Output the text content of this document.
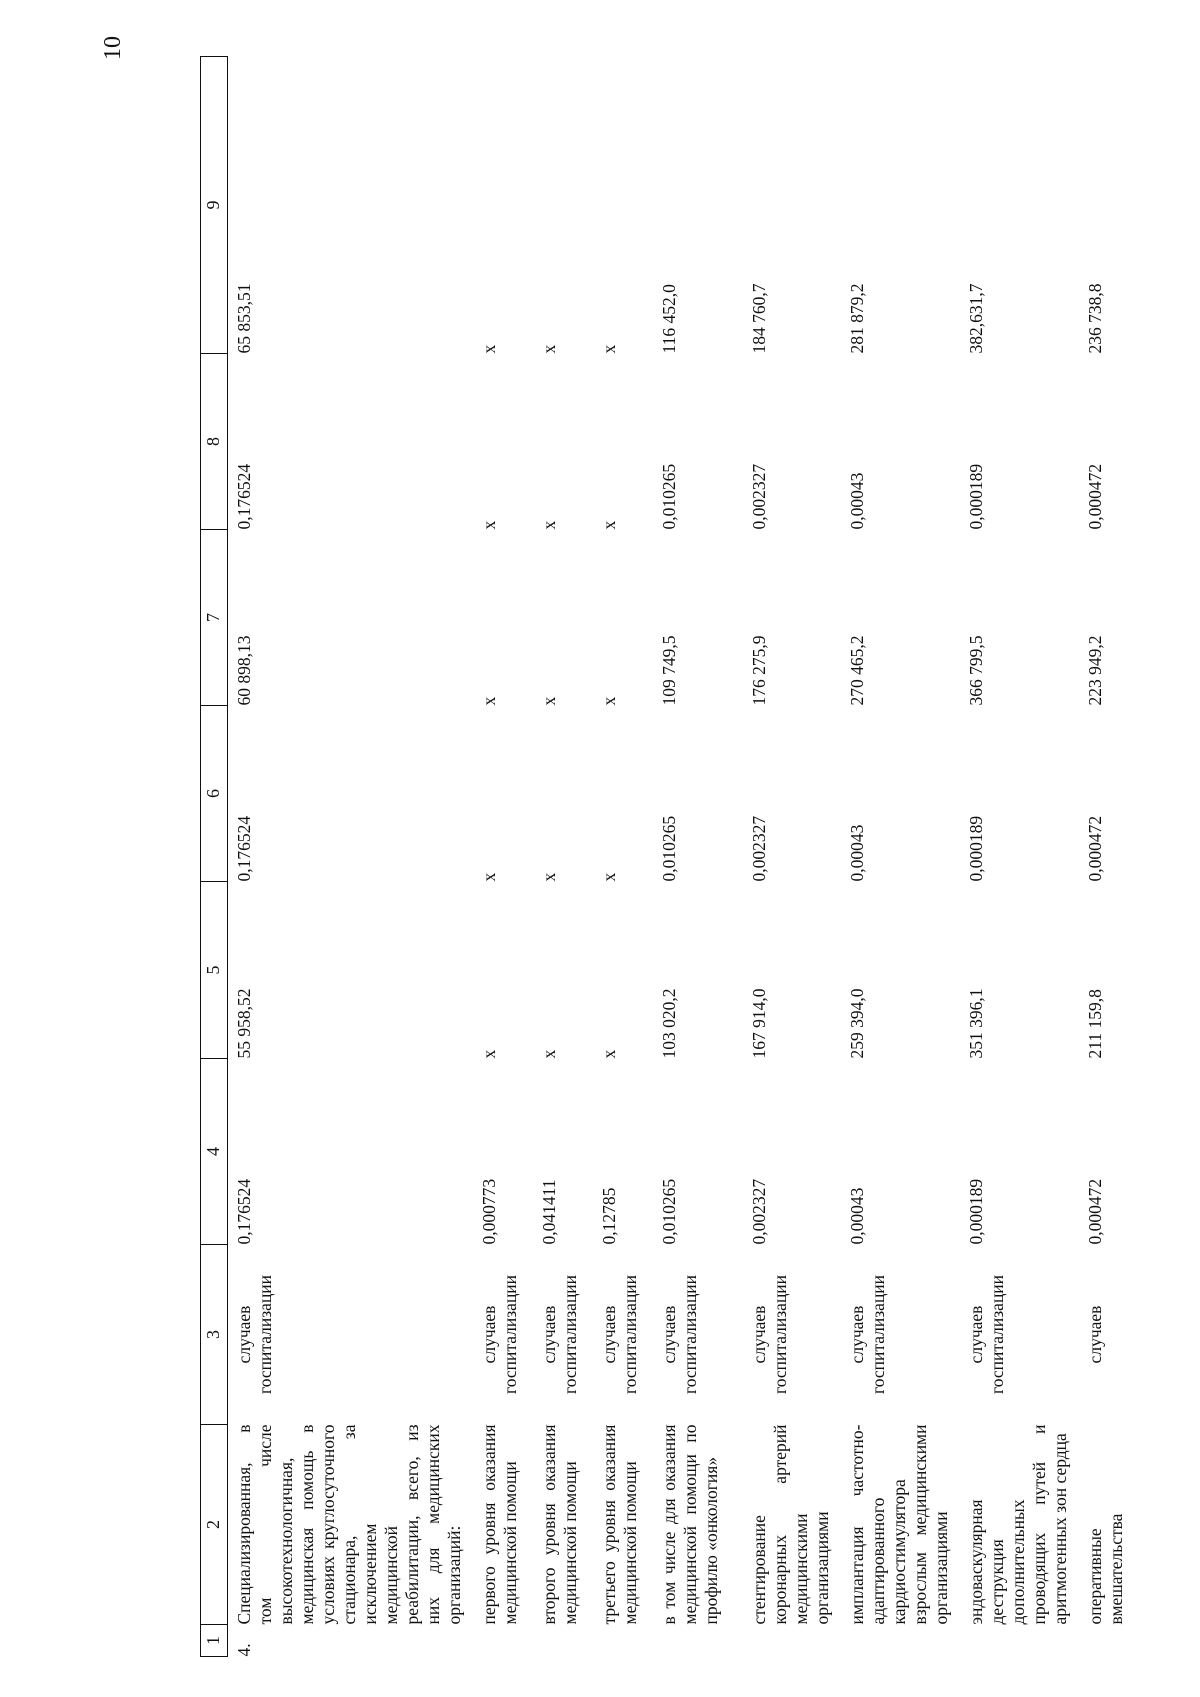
10
1	2	3	4	5	6	7	8	9
4.	Специализированная, в том числе высокотехнологичная, медицинская помощь в условиях круглосуточного стационара, за исключением медицинской реабилитации, всего, из них для медицинских организаций:	случаев госпитализации	0,176524	55 958,52	0,176524	60 898,13	0,176524	65 853,51
	первого уровня оказания медицинской помощи	случаев госпитализации	0,000773	x	x	x	x	x
	второго уровня оказания медицинской помощи	случаев госпитализации	0,041411	x	x	x	x	x
	третьего уровня оказания медицинской помощи	случаев госпитализации	0,12785	x	x	x	x	x
	в том числе для оказания медицинской помощи по профилю «онкология»	случаев госпитализации	0,010265	103 020,2	0,010265	109 749,5	0,010265	116 452,0
	стентирование коронарных артерий медицинскими организациями	случаев госпитализации	0,002327	167 914,0	0,002327	176 275,9	0,002327	184 760,7
	имплантация частотно-адаптированного кардиостимулятора взрослым медицинскими организациями	случаев госпитализации	0,00043	259 394,0	0,00043	270 465,2	0,00043	281 879,2
	эндоваскулярная деструкция дополнительных проводящих путей и аритмогенных зон сердца	случаев госпитализации	0,000189	351 396,1	0,000189	366 799,5	0,000189	382,631,7
	оперативные вмешательства	случаев	0,000472	211 159,8	0,000472	223 949,2	0,000472	236 738,8
